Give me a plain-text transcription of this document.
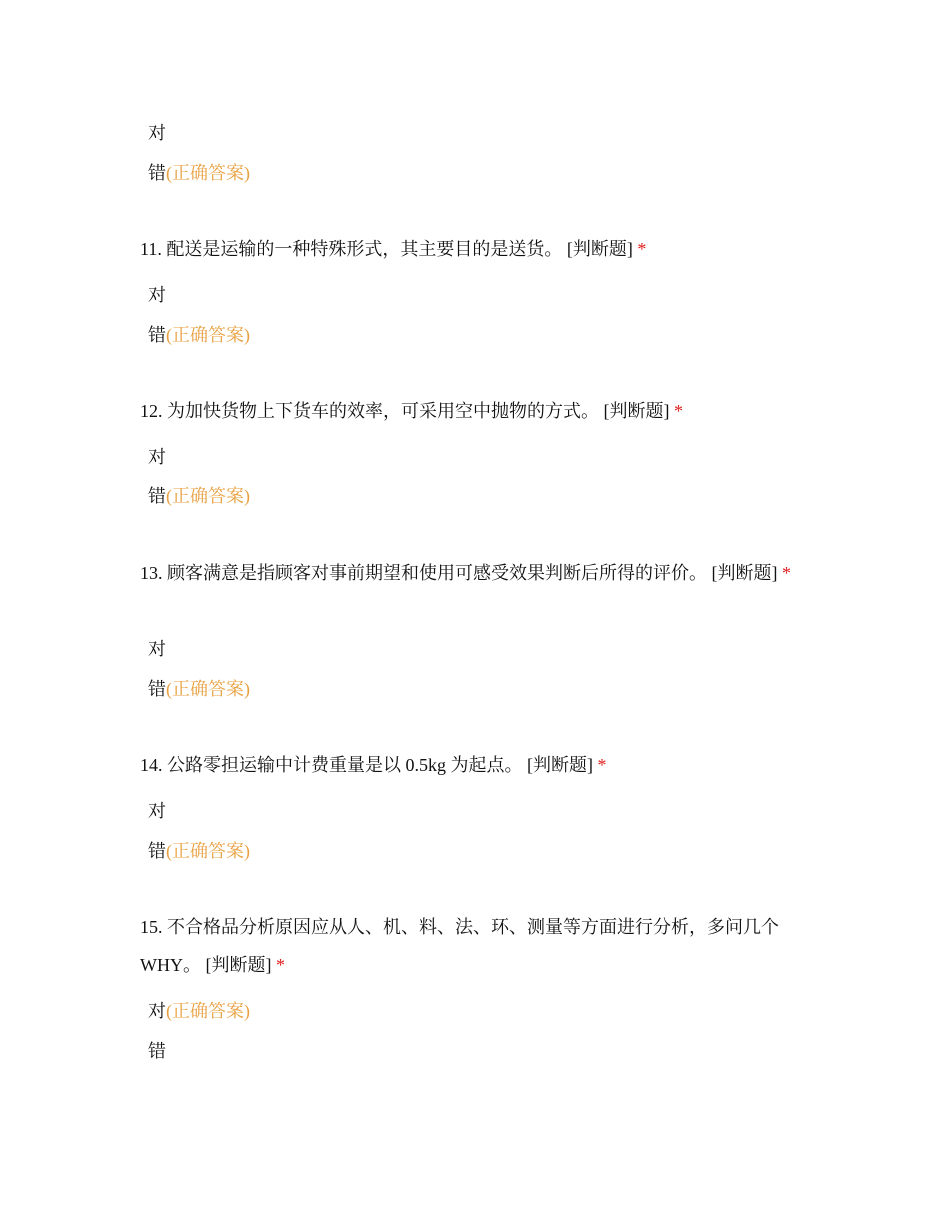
对
错(正确答案)
11. 配送是运输的一种特殊形式，其主要目的是送货。 [判断题] *
对
错(正确答案)
12. 为加快货物上下货车的效率，可采用空中抛物的方式。 [判断题] *
对
错(正确答案)
13. 顾客满意是指顾客对事前期望和使用可感受效果判断后所得的评价。 [判断题] *
对
错(正确答案)
14. 公路零担运输中计费重量是以 0.5kg 为起点。 [判断题] *
对
错(正确答案)
15. 不合格品分析原因应从人、机、料、法、环、测量等方面进行分析，多问几个WHY。 [判断题] *
对(正确答案)
错
